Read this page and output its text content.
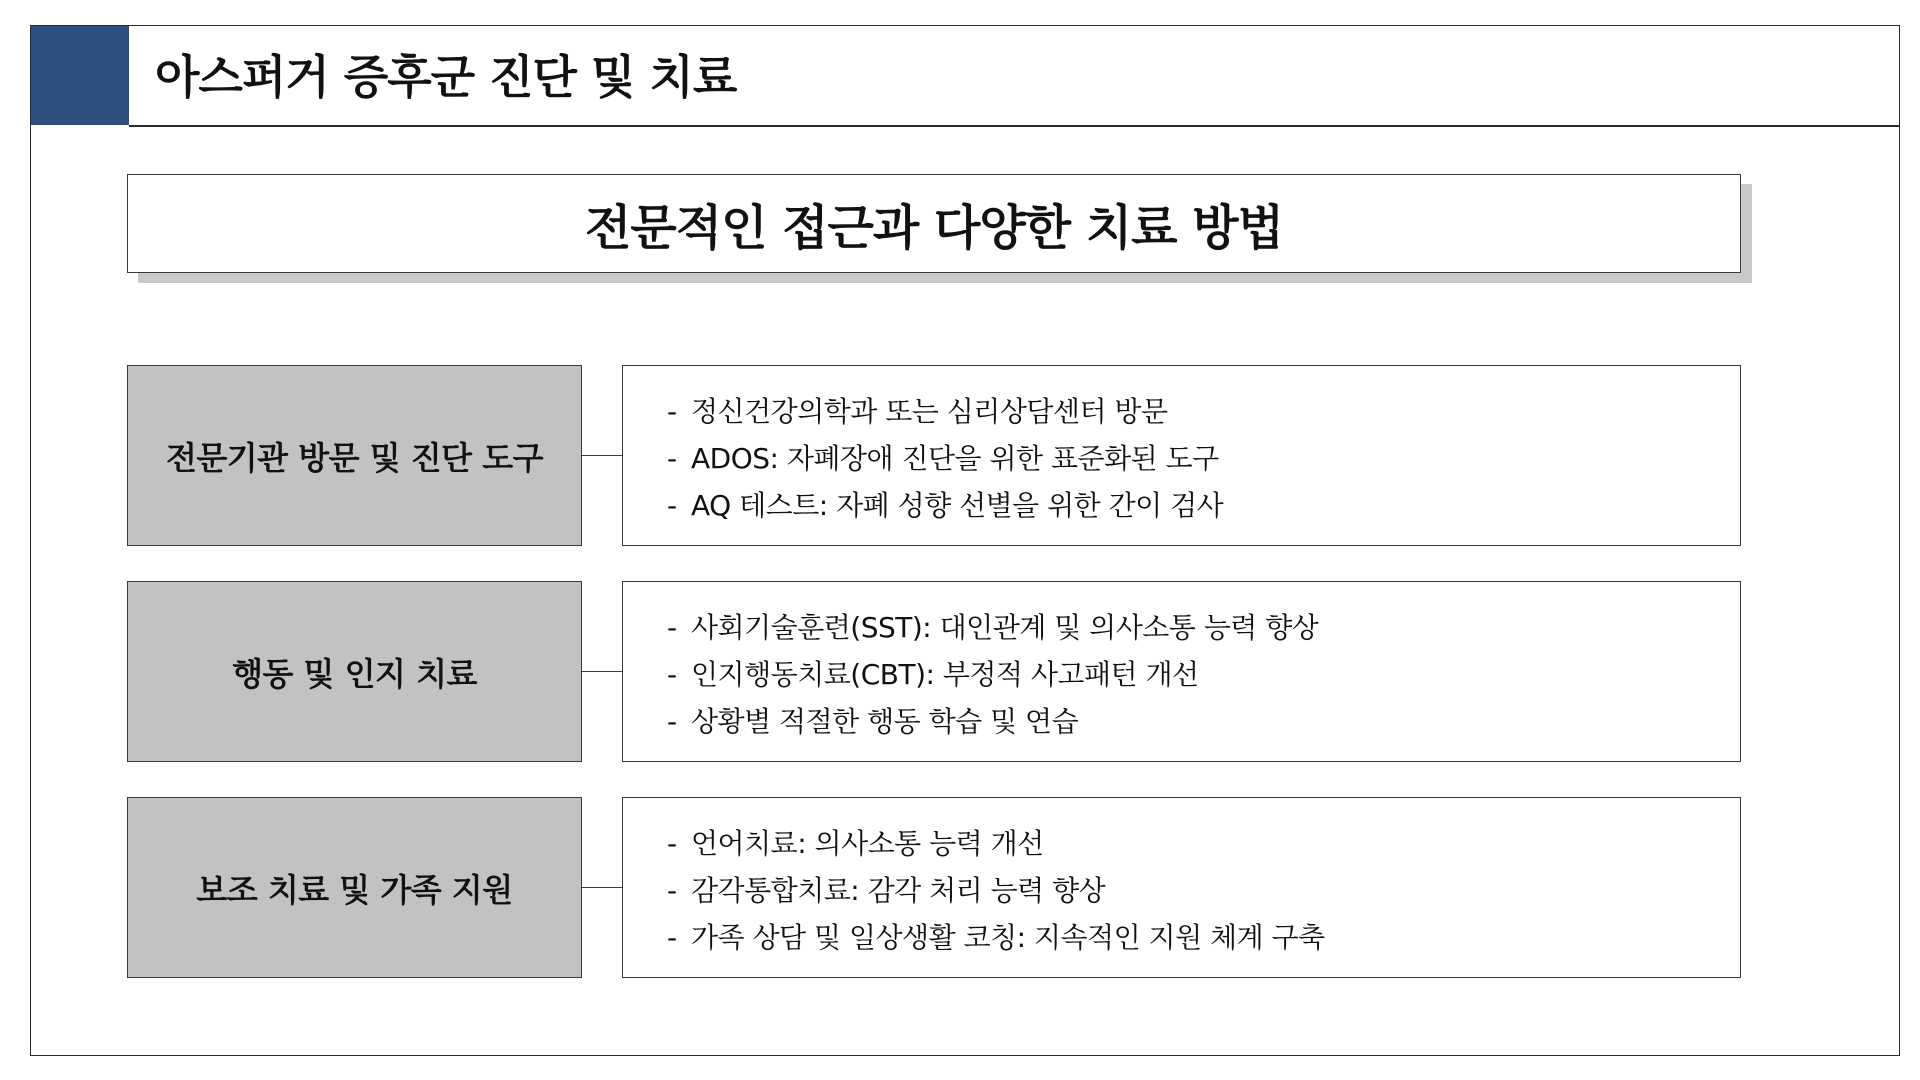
아스퍼거 증후군 진단 및 치료
전문적인 접근과 다양한 치료 방법
전문기관 방문 및 진단 도구
- 정신건강의학과 또는 심리상담센터 방문
- ADOS: 자폐장애 진단을 위한 표준화된 도구
- AQ 테스트: 자폐 성향 선별을 위한 간이 검사
행동 및 인지 치료
- 사회기술훈련(SST): 대인관계 및 의사소통 능력 향상
- 인지행동치료(CBT): 부정적 사고패턴 개선
- 상황별 적절한 행동 학습 및 연습
보조 치료 및 가족 지원
- 언어치료: 의사소통 능력 개선
- 감각통합치료: 감각 처리 능력 향상
- 가족 상담 및 일상생활 코칭: 지속적인 지원 체계 구축
